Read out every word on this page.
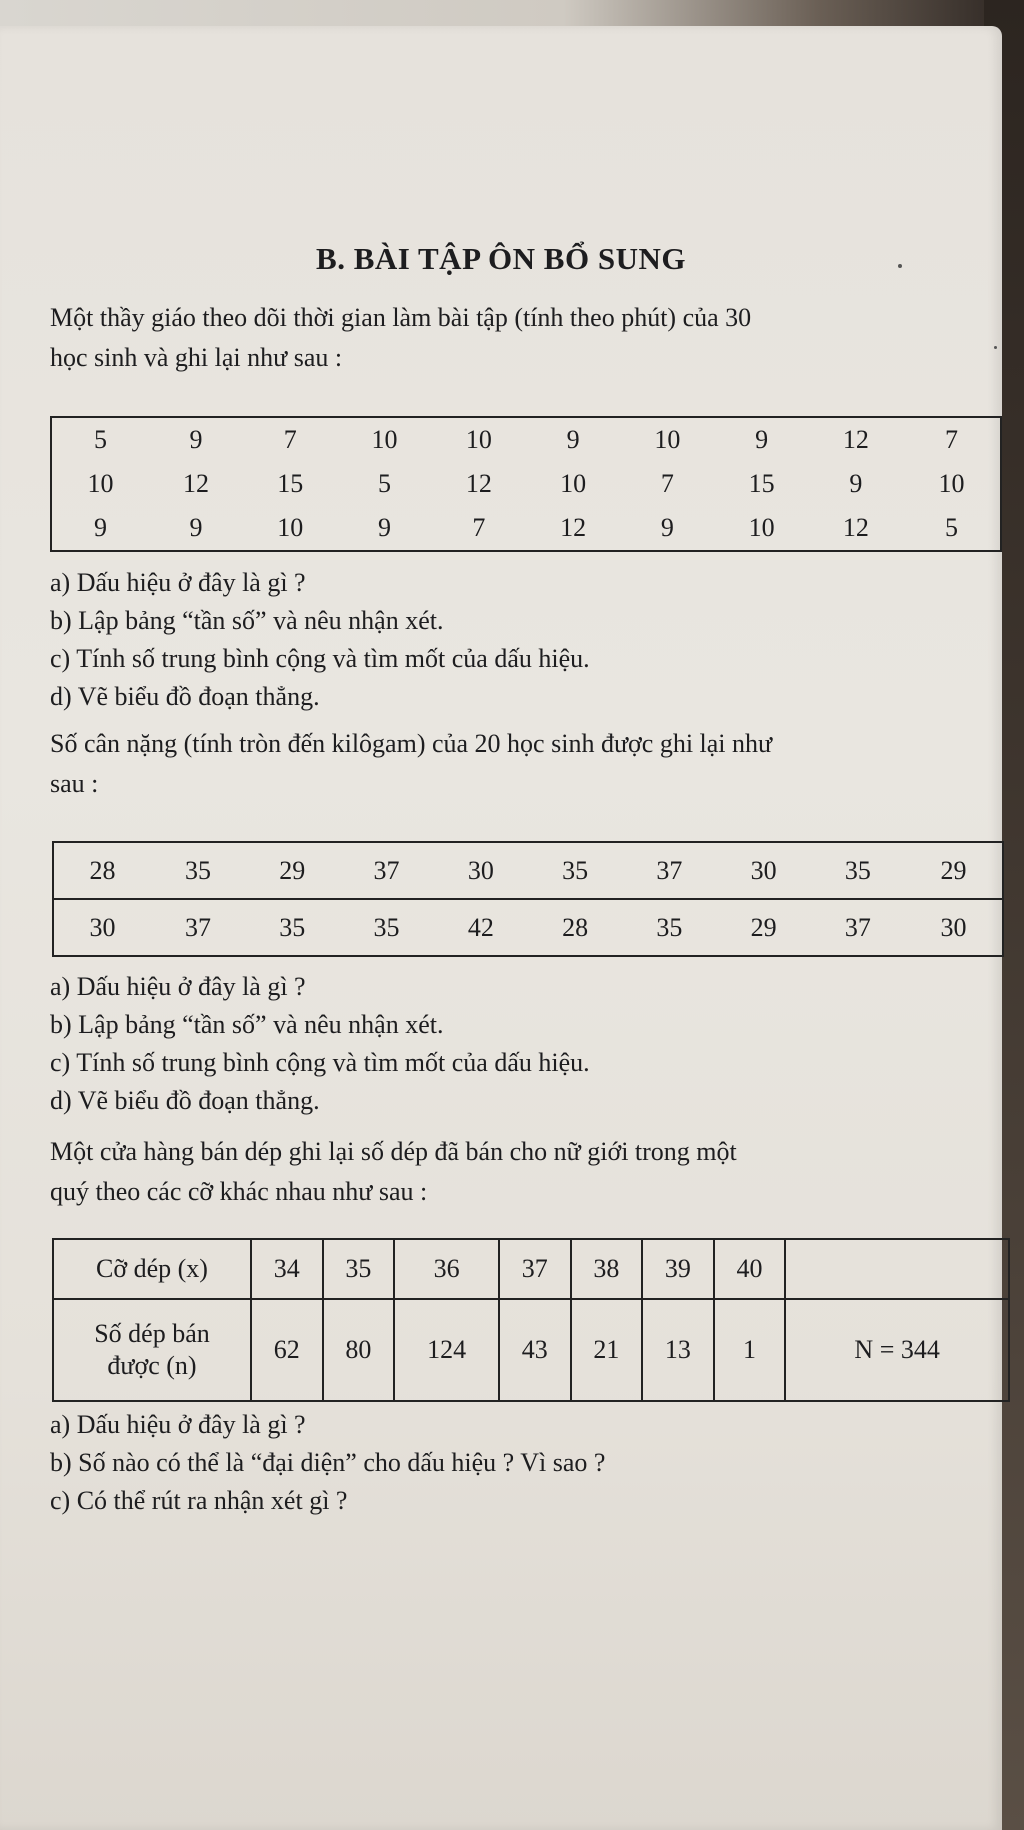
B. BÀI TẬP ÔN BỔ SUNG
Một thầy giáo theo dõi thời gian làm bài tập (tính theo phút) của 30
học sinh và ghi lại như sau :
5	9	7	10	10	9	10	9	12	7
10	12	15	5	12	10	7	15	9	10
9	9	10	9	7	12	9	10	12	5
a) Dấu hiệu ở đây là gì ?
b) Lập bảng “tần số” và nêu nhận xét.
c) Tính số trung bình cộng và tìm mốt của dấu hiệu.
d) Vẽ biểu đồ đoạn thẳng.
Số cân nặng (tính tròn đến kilôgam) của 20 học sinh được ghi lại như
sau :
28	35	29	37	30	35	37	30	35	29
30	37	35	35	42	28	35	29	37	30
a) Dấu hiệu ở đây là gì ?
b) Lập bảng “tần số” và nêu nhận xét.
c) Tính số trung bình cộng và tìm mốt của dấu hiệu.
d) Vẽ biểu đồ đoạn thẳng.
Một cửa hàng bán dép ghi lại số dép đã bán cho nữ giới trong một
quý theo các cỡ khác nhau như sau :
Cỡ dép (x)	34	35	36	37	38	39	40	

Số dép bán
được (n)	62	80	124	43	21	13	1	N = 344
a) Dấu hiệu ở đây là gì ?
b) Số nào có thể là “đại diện” cho dấu hiệu ? Vì sao ?
c) Có thể rút ra nhận xét gì ?
